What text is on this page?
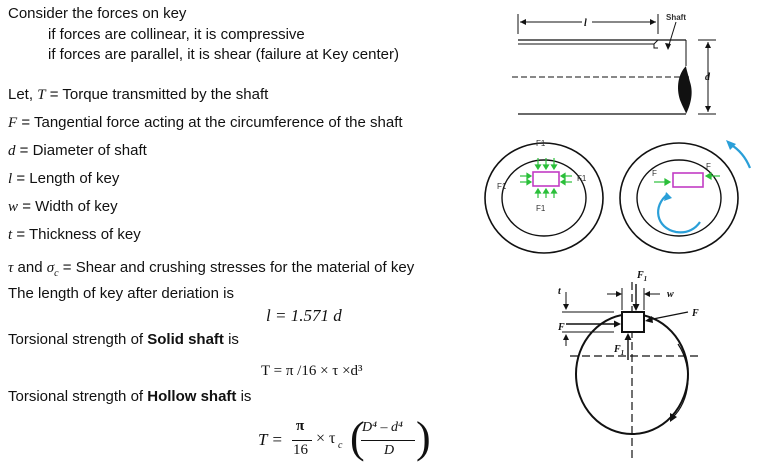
Consider the forces on key
if forces are collinear, it is compressive
if forces are parallel, it is shear (failure at Key center)
Let, T = Torque transmitted by the shaft
F = Tangential force acting at the circumference of the shaft
d = Diameter of shaft
l = Length of key
w = Width of key
t = Thickness of key
τ and $\sigma_c$ = Shear and crushing stresses for the material of key
The length of key after deriation is
l = 1.571 d
Torsional strength of Solid shaft is
T = π /16 × τ ×d³
Torsional strength of Hollow shaft is
T =
π
16
× τ c (
D⁴ – d⁴
D )
l
Shaft
d
F1
F1
F1
F1
F
F
t
$F_1$
w
F
F
$F_1$
